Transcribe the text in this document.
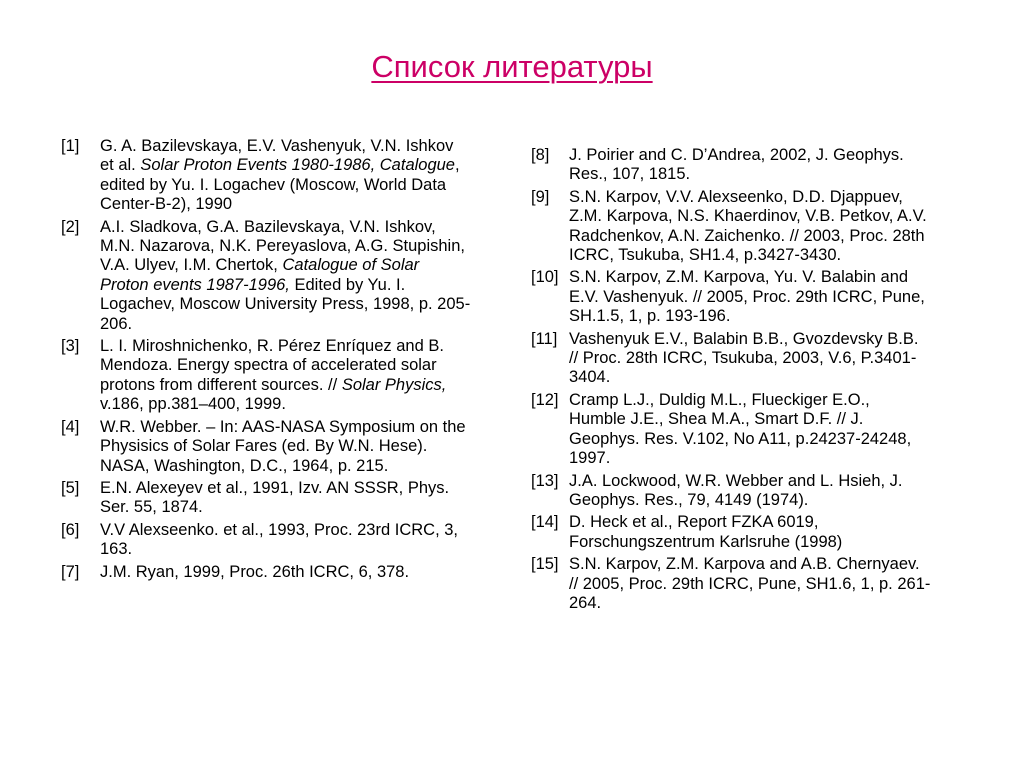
Список литературы
[1] G. A. Bazilevskaya, E.V. Vashenyuk, V.N. Ishkov et al. Solar Proton Events 1980-1986, Catalogue, edited by Yu. I. Logachev (Moscow, World Data Center-B-2), 1990
[2] A.I. Sladkova, G.A. Bazilevskaya, V.N. Ishkov, M.N. Nazarova, N.K. Pereyaslova, A.G. Stupishin, V.A. Ulyev, I.M. Chertok, Catalogue of Solar Proton events 1987-1996, Edited by Yu. I. Logachev, Moscow University Press, 1998, p. 205-206.
[3] L. I. Miroshnichenko, R. Pérez Enríquez and B. Mendoza. Energy spectra of accelerated solar protons from different sources. // Solar Physics, v.186, pp.381–400, 1999.
[4] W.R. Webber. – In: AAS-NASA Symposium on the Physisics of Solar Fares (ed. By W.N. Hese). NASA, Washington, D.C., 1964, p. 215.
[5] E.N. Alexeyev et al., 1991, Izv. AN SSSR, Phys. Ser. 55, 1874.
[6] V.V Alexseenko. et al., 1993, Proc. 23rd ICRC, 3, 163.
[7] J.M. Ryan, 1999, Proc. 26th ICRC, 6, 378.
[8] J. Poirier and C. D’Andrea, 2002, J. Geophys. Res., 107, 1815.
[9] S.N. Karpov, V.V. Alexseenko, D.D. Djappuev, Z.M. Karpova, N.S. Khaerdinov, V.B. Petkov, A.V. Radchenkov, A.N. Zaichenko. // 2003, Proc. 28th ICRC, Tsukuba, SH1.4, p.3427-3430.
[10] S.N. Karpov, Z.M. Karpova, Yu. V. Balabin and E.V. Vashenyuk. // 2005, Proc. 29th ICRC, Pune, SH.1.5, 1, p. 193-196.
[11] Vashenyuk E.V., Balabin B.B., Gvozdevsky B.B. // Proc. 28th ICRC, Tsukuba, 2003, V.6, P.3401-3404.
[12] Cramp L.J., Duldig M.L., Flueckiger E.O., Humble J.E., Shea M.A., Smart D.F. // J. Geophys. Res. V.102, No A11, p.24237-24248, 1997.
[13] J.A. Lockwood, W.R. Webber and L. Hsieh, J. Geophys. Res., 79, 4149 (1974).
[14] D. Heck et al., Report FZKA 6019, Forschungszentrum Karlsruhe (1998)
[15] S.N. Karpov, Z.M. Karpova and A.B. Chernyaev. // 2005, Proc. 29th ICRC, Pune, SH1.6, 1, p. 261-264.
